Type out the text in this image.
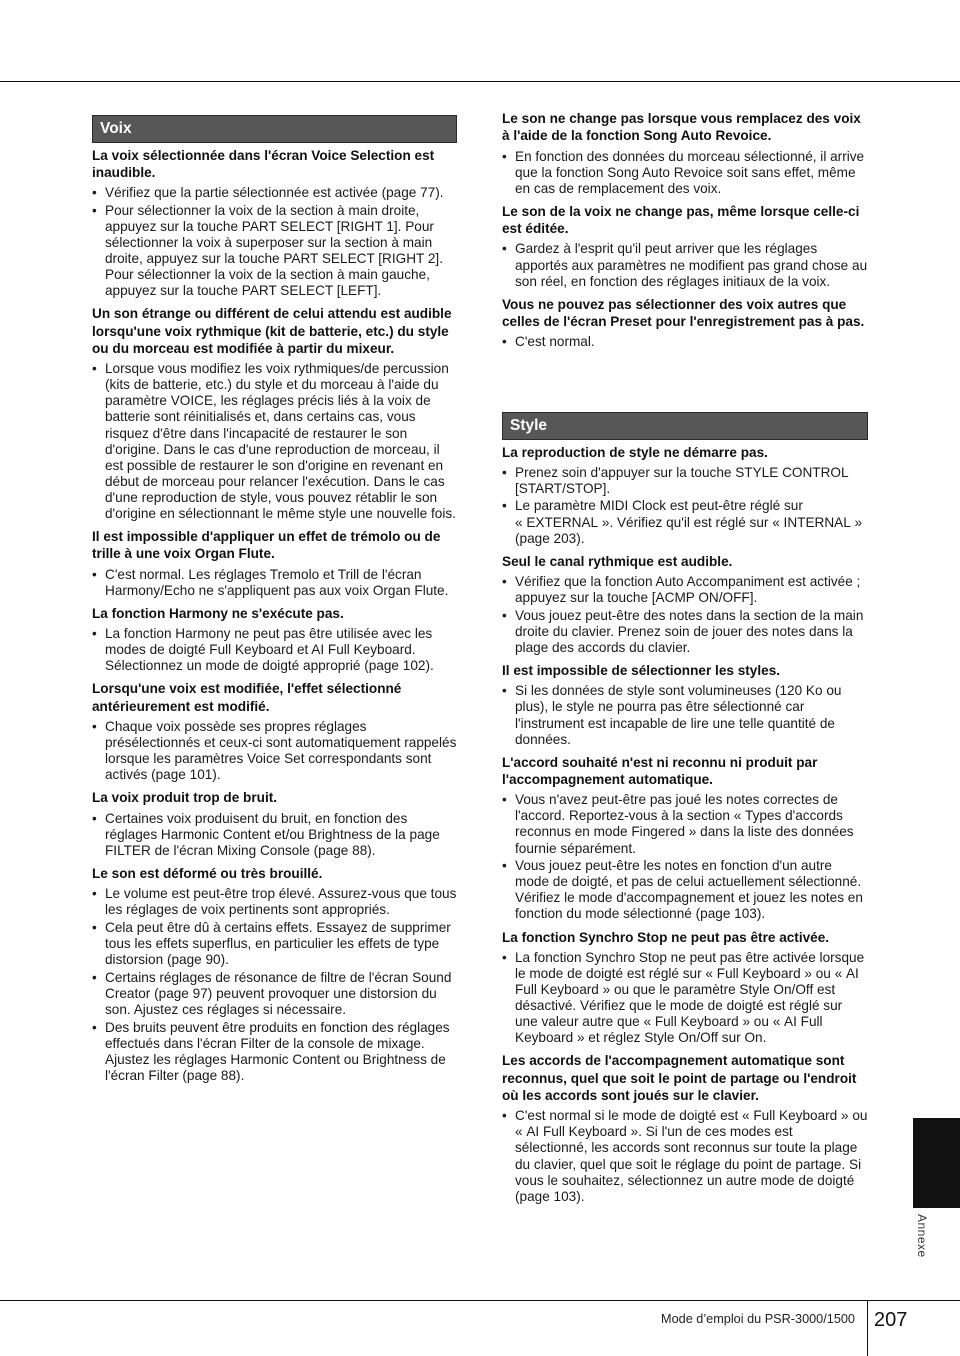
Voix

La voix sélectionnée dans l'écran Voice Selection est inaudible.

• Vérifiez que la partie sélectionnée est activée (page 77).
• Pour sélectionner la voix de la section à main droite, appuyez sur la touche PART SELECT [RIGHT 1]. Pour sélectionner la voix à superposer sur la section à main droite, appuyez sur la touche PART SELECT [RIGHT 2]. Pour sélectionner la voix de la section à main gauche, appuyez sur la touche PART SELECT [LEFT].

Un son étrange ou différent de celui attendu est audible lorsqu'une voix rythmique (kit de batterie, etc.) du style ou du morceau est modifiée à partir du mixeur.

• Lorsque vous modifiez les voix rythmiques/de percussion (kits de batterie, etc.) du style et du morceau à l'aide du paramètre VOICE, les réglages précis liés à la voix de batterie sont réinitialisés et, dans certains cas, vous risquez d'être dans l'incapacité de restaurer le son d'origine. Dans le cas d'une reproduction de morceau, il est possible de restaurer le son d'origine en revenant en début de morceau pour relancer l'exécution. Dans le cas d'une reproduction de style, vous pouvez rétablir le son d'origine en sélectionnant le même style une nouvelle fois.

Il est impossible d'appliquer un effet de trémolo ou de trille à une voix Organ Flute.

• C'est normal. Les réglages Tremolo et Trill de l'écran Harmony/Echo ne s'appliquent pas aux voix Organ Flute.

La fonction Harmony ne s'exécute pas.

• La fonction Harmony ne peut pas être utilisée avec les modes de doigté Full Keyboard et AI Full Keyboard. Sélectionnez un mode de doigté approprié (page 102).

Lorsqu'une voix est modifiée, l'effet sélectionné antérieurement est modifié.

• Chaque voix possède ses propres réglages présélectionnés et ceux-ci sont automatiquement rappelés lorsque les paramètres Voice Set correspondants sont activés (page 101).

La voix produit trop de bruit.

• Certaines voix produisent du bruit, en fonction des réglages Harmonic Content et/ou Brightness de la page FILTER de l'écran Mixing Console (page 88).

Le son est déformé ou très brouillé.

• Le volume est peut-être trop élevé. Assurez-vous que tous les réglages de voix pertinents sont appropriés.
• Cela peut être dû à certains effets. Essayez de supprimer tous les effets superflus, en particulier les effets de type distorsion (page 90).
• Certains réglages de résonance de filtre de l'écran Sound Creator (page 97) peuvent provoquer une distorsion du son. Ajustez ces réglages si nécessaire.
• Des bruits peuvent être produits en fonction des réglages effectués dans l'écran Filter de la console de mixage. Ajustez les réglages Harmonic Content ou Brightness de l'écran Filter (page 88).

Le son ne change pas lorsque vous remplacez des voix à l'aide de la fonction Song Auto Revoice.

• En fonction des données du morceau sélectionné, il arrive que la fonction Song Auto Revoice soit sans effet, même en cas de remplacement des voix.

Le son de la voix ne change pas, même lorsque celle-ci est éditée.

• Gardez à l'esprit qu'il peut arriver que les réglages apportés aux paramètres ne modifient pas grand chose au son réel, en fonction des réglages initiaux de la voix.

Vous ne pouvez pas sélectionner des voix autres que celles de l'écran Preset pour l'enregistrement pas à pas.

• C'est normal.
Style

La reproduction de style ne démarre pas.

• Prenez soin d'appuyer sur la touche STYLE CONTROL [START/STOP].
• Le paramètre MIDI Clock est peut-être réglé sur « EXTERNAL ». Vérifiez qu'il est réglé sur « INTERNAL » (page 203).

Seul le canal rythmique est audible.

• Vérifiez que la fonction Auto Accompaniment est activée ; appuyez sur la touche [ACMP ON/OFF].
• Vous jouez peut-être des notes dans la section de la main droite du clavier. Prenez soin de jouer des notes dans la plage des accords du clavier.

Il est impossible de sélectionner les styles.

• Si les données de style sont volumineuses (120 Ko ou plus), le style ne pourra pas être sélectionné car l'instrument est incapable de lire une telle quantité de données.

L'accord souhaité n'est ni reconnu ni produit par l'accompagnement automatique.

• Vous n'avez peut-être pas joué les notes correctes de l'accord. Reportez-vous à la section « Types d'accords reconnus en mode Fingered » dans la liste des données fournie séparément.
• Vous jouez peut-être les notes en fonction d'un autre mode de doigté, et pas de celui actuellement sélectionné. Vérifiez le mode d'accompagnement et jouez les notes en fonction du mode sélectionné (page 103).

La fonction Synchro Stop ne peut pas être activée.

• La fonction Synchro Stop ne peut pas être activée lorsque le mode de doigté est réglé sur « Full Keyboard » ou « AI Full Keyboard » ou que le paramètre Style On/Off est désactivé. Vérifiez que le mode de doigté est réglé sur une valeur autre que « Full Keyboard » ou « AI Full Keyboard » et réglez Style On/Off sur On.

Les accords de l'accompagnement automatique sont reconnus, quel que soit le point de partage ou l'endroit où les accords sont joués sur le clavier.

• C'est normal si le mode de doigté est « Full Keyboard » ou « AI Full Keyboard ». Si l'un de ces modes est sélectionné, les accords sont reconnus sur toute la plage du clavier, quel que soit le réglage du point de partage. Si vous le souhaitez, sélectionnez un autre mode de doigté (page 103).
Annexe
Mode d’emploi du PSR-3000/1500 207
